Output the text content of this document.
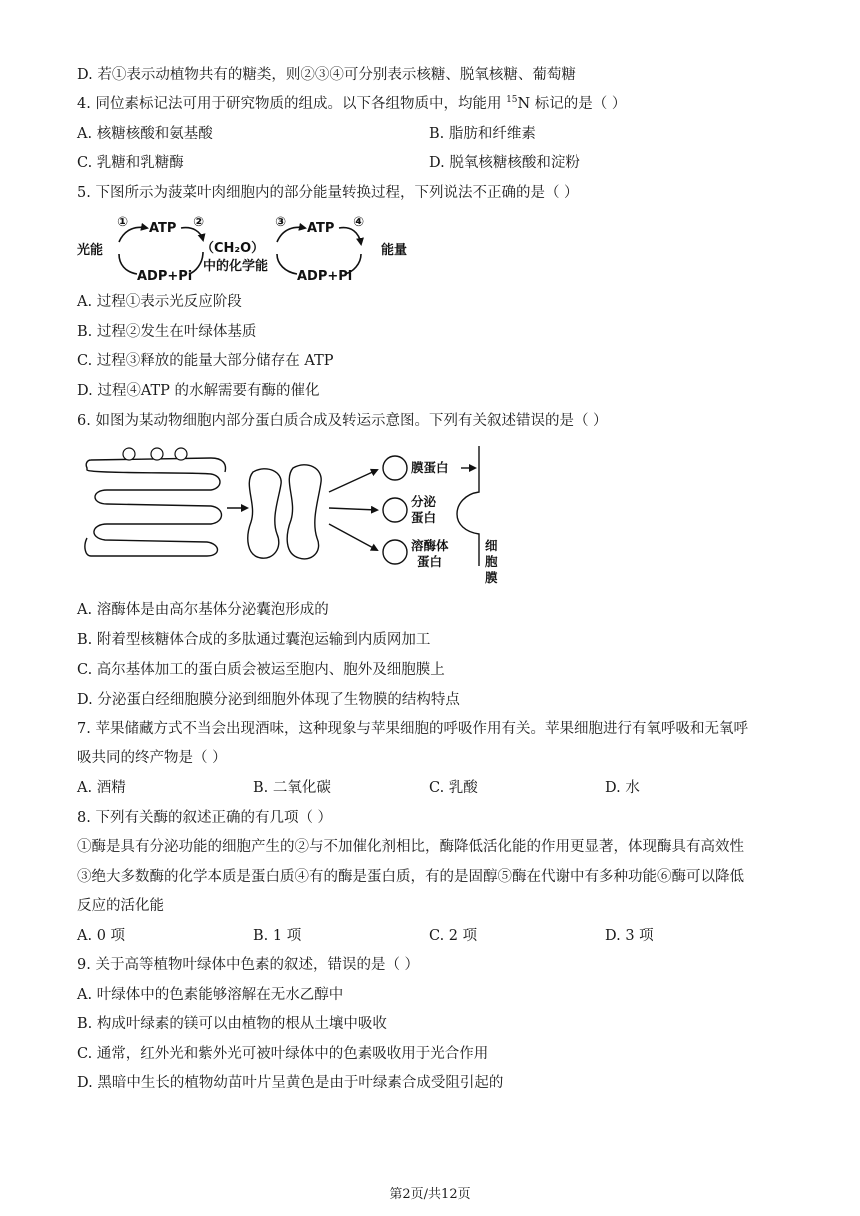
D. 若①表示动植物共有的糖类，则②③④可分别表示核糖、脱氧核糖、葡萄糖
4. 同位素标记法可用于研究物质的组成。以下各组物质中，均能用 $^{15}$N 标记的是（ ）
A. 核糖核酸和氨基酸	B. 脂肪和纤维素
C. 乳糖和乳糖酶	D. 脱氧核糖核酸和淀粉
5. 下图所示为菠菜叶肉细胞内的部分能量转换过程，下列说法不正确的是（ ）
①	②	③	④
光能
ATP	ATP
ADP+Pi	ADP+Pi
（CH₂O）
中的化学能
能量
A. 过程①表示光反应阶段
B. 过程②发生在叶绿体基质
C. 过程③释放的能量大部分储存在 ATP
D. 过程④ATP 的水解需要有酶的催化
6. 如图为某动物细胞内部分蛋白质合成及转运示意图。下列有关叙述错误的是（ ）
膜蛋白
分泌
蛋白
溶酶体
蛋白
细
胞
膜
A. 溶酶体是由高尔基体分泌囊泡形成的
B. 附着型核糖体合成的多肽通过囊泡运输到内质网加工
C. 高尔基体加工的蛋白质会被运至胞内、胞外及细胞膜上
D. 分泌蛋白经细胞膜分泌到细胞外体现了生物膜的结构特点
7. 苹果储藏方式不当会出现酒味，这种现象与苹果细胞的呼吸作用有关。苹果细胞进行有氧呼吸和无氧呼
吸共同的终产物是（ ）
A. 酒精	B. 二氧化碳	C. 乳酸	D. 水
8. 下列有关酶的叙述正确的有几项（ ）
①酶是具有分泌功能的细胞产生的②与不加催化剂相比，酶降低活化能的作用更显著，体现酶具有高效性
③绝大多数酶的化学本质是蛋白质④有的酶是蛋白质，有的是固醇⑤酶在代谢中有多种功能⑥酶可以降低
反应的活化能
A. 0 项	B. 1 项	C. 2 项	D. 3 项
9. 关于高等植物叶绿体中色素的叙述，错误的是（ ）
A. 叶绿体中的色素能够溶解在无水乙醇中
B. 构成叶绿素的镁可以由植物的根从土壤中吸收
C. 通常，红外光和紫外光可被叶绿体中的色素吸收用于光合作用
D. 黑暗中生长的植物幼苗叶片呈黄色是由于叶绿素合成受阻引起的
第2页/共12页
